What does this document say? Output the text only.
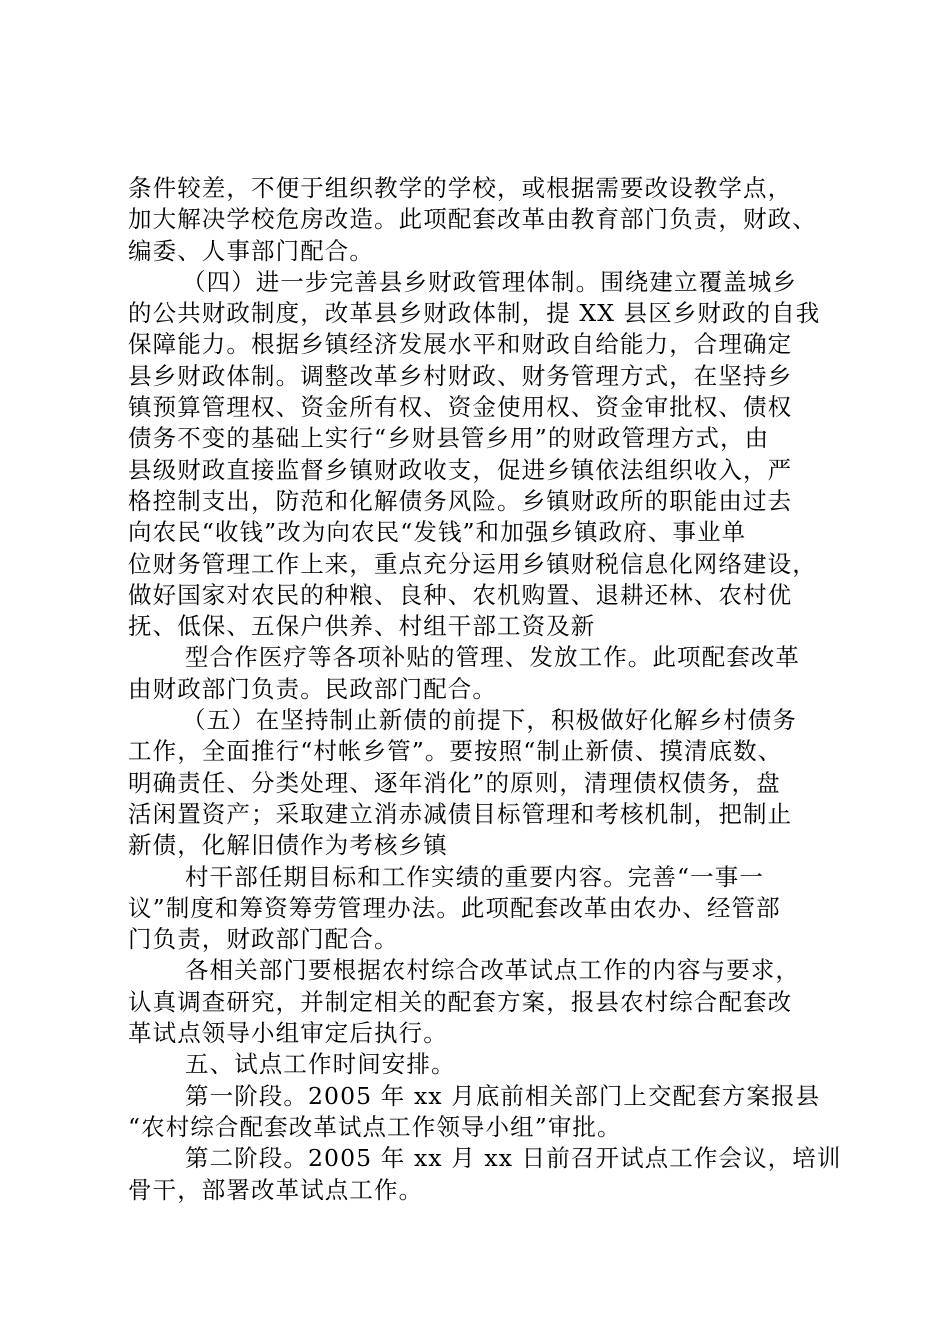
条件较差，不便于组织教学的学校，或根据需要改设教学点，
加大解决学校危房改造。此项配套改革由教育部门负责，财政、
编委、人事部门配合。
（四）进一步完善县乡财政管理体制。围绕建立覆盖城乡
的公共财政制度，改革县乡财政体制，提 XX 县区乡财政的自我
保障能力。根据乡镇经济发展水平和财政自给能力，合理确定
县乡财政体制。调整改革乡村财政、财务管理方式，在坚持乡
镇预算管理权、资金所有权、资金使用权、资金审批权、债权
债务不变的基础上实行“乡财县管乡用”的财政管理方式，由
县级财政直接监督乡镇财政收支，促进乡镇依法组织收入，严
格控制支出，防范和化解债务风险。乡镇财政所的职能由过去
向农民“收钱”改为向农民“发钱”和加强乡镇政府、事业单
位财务管理工作上来，重点充分运用乡镇财税信息化网络建设，
做好国家对农民的种粮、良种、农机购置、退耕还林、农村优
抚、低保、五保户供养、村组干部工资及新
型合作医疗等各项补贴的管理、发放工作。此项配套改革
由财政部门负责。民政部门配合。
（五）在坚持制止新债的前提下，积极做好化解乡村债务
工作，全面推行“村帐乡管”。要按照“制止新债、摸清底数、
明确责任、分类处理、逐年消化”的原则，清理债权债务，盘
活闲置资产；采取建立消赤减债目标管理和考核机制，把制止
新债，化解旧债作为考核乡镇
村干部任期目标和工作实绩的重要内容。完善“一事一
议”制度和筹资筹劳管理办法。此项配套改革由农办、经管部
门负责，财政部门配合。
各相关部门要根据农村综合改革试点工作的内容与要求，
认真调查研究，并制定相关的配套方案，报县农村综合配套改
革试点领导小组审定后执行。
五、试点工作时间安排。
第一阶段。2005 年 xx 月底前相关部门上交配套方案报县
“农村综合配套改革试点工作领导小组”审批。
第二阶段。2005 年 xx 月 xx 日前召开试点工作会议，培训
骨干，部署改革试点工作。
